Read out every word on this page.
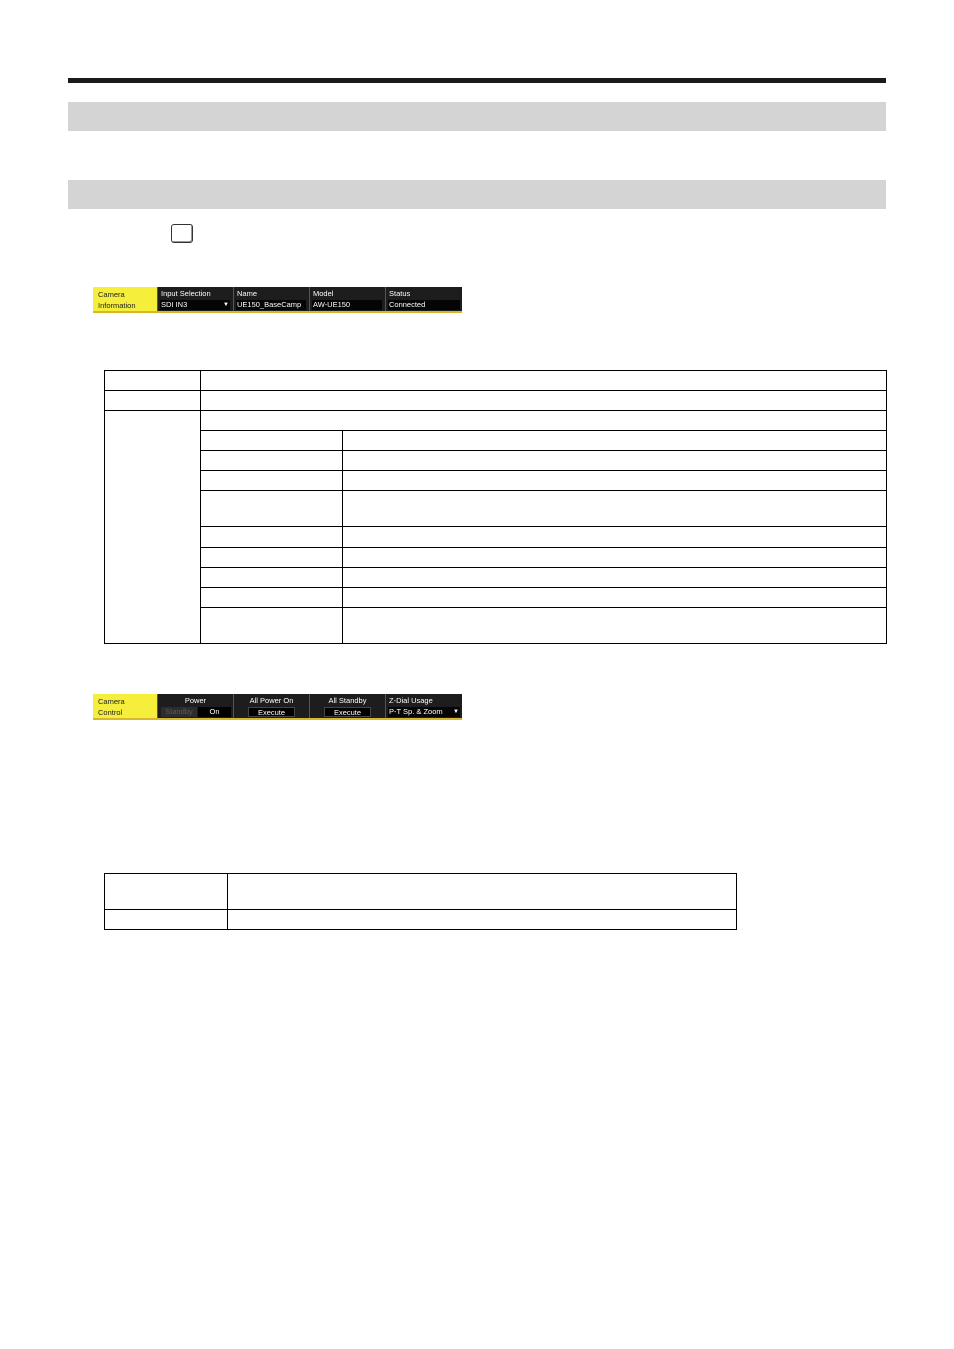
Camera
Information
Input Selection
SDI IN3	▼
Name
UE150_BaseCamp
Model
AW-UE150
Status
Connected
Camera
Control
Power
Standby	On
All Power On
Execute
All Standby
Execute
Z-Dial Usage
P-T Sp. & Zoom ▼
